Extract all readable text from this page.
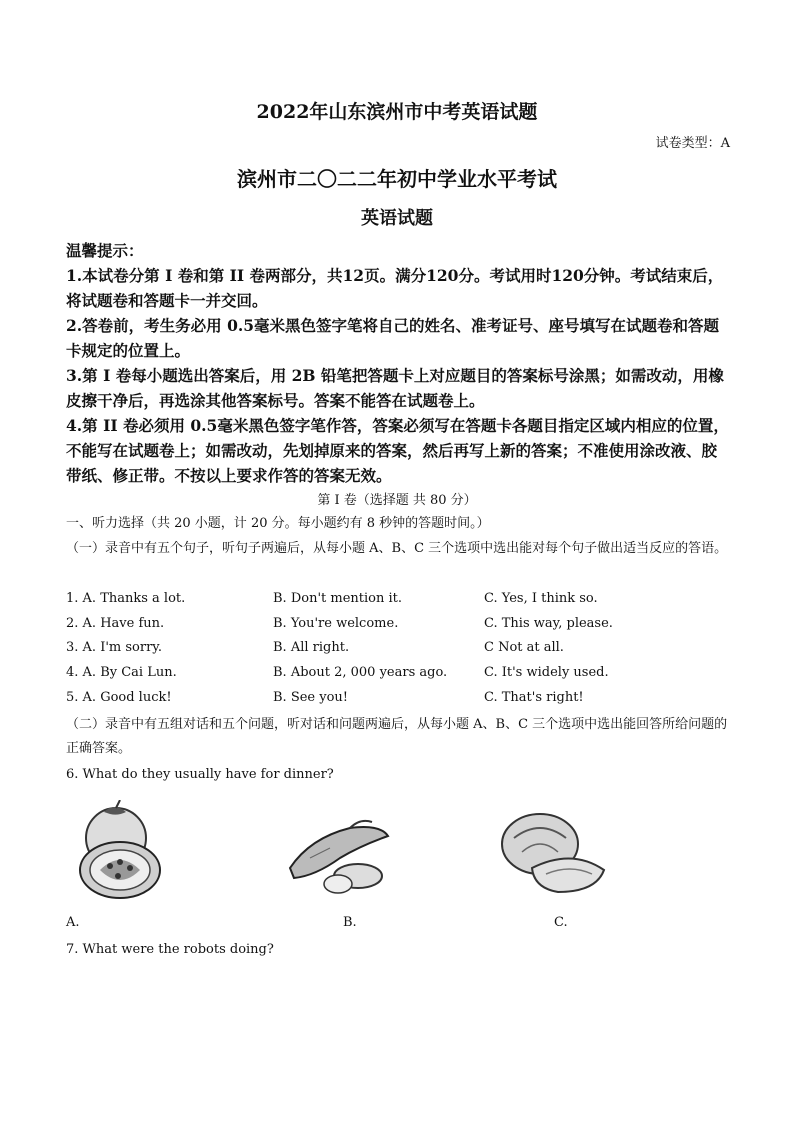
2022年山东滨州市中考英语试题
试卷类型：A
滨州市二〇二二年初中学业水平考试
英语试题
温馨提示：
1.本试卷分第 I 卷和第 II 卷两部分，共12页。满分120分。考试用时120分钟。考试结束后，将试题卷和答题卡一并交回。
2.答卷前，考生务必用 0.5毫米黑色签字笔将自己的姓名、准考证号、座号填写在试题卷和答题卡规定的位置上。
3.第 I 卷每小题选出答案后，用 2B 铅笔把答题卡上对应题目的答案标号涂黑；如需改动，用橡皮擦干净后，再选涂其他答案标号。答案不能答在试题卷上。
4.第 II 卷必须用 0.5毫米黑色签字笔作答，答案必须写在答题卡各题目指定区域内相应的位置，不能写在试题卷上；如需改动，先划掉原来的答案，然后再写上新的答案；不准使用涂改液、胶带纸、修正带。不按以上要求作答的答案无效。
第 I 卷（选择题 共 80 分）
一、听力选择（共 20 小题，计 20 分。每小题约有 8 秒钟的答题时间。）
（一）录音中有五个句子，听句子两遍后，从每小题 A、B、C 三个选项中选出能对每个句子做出适当反应的答语。
1. A. Thanks a lot.	B. Don't mention it.	C. Yes, I think so.
2. A. Have fun.	B. You're welcome.	C. This way, please.
3. A. I'm sorry.	B. All right.	C Not at all.
4. A. By Cai Lun.	B. About 2, 000 years ago.	C. It's widely used.
5. A. Good luck!	B. See you!	C. That's right!
（二）录音中有五组对话和五个问题，听对话和问题两遍后，从每小题 A、B、C 三个选项中选出能回答所给问题的正确答案。
6. What do they usually have for dinner?
A.	B.	C.
7. What were the robots doing?
